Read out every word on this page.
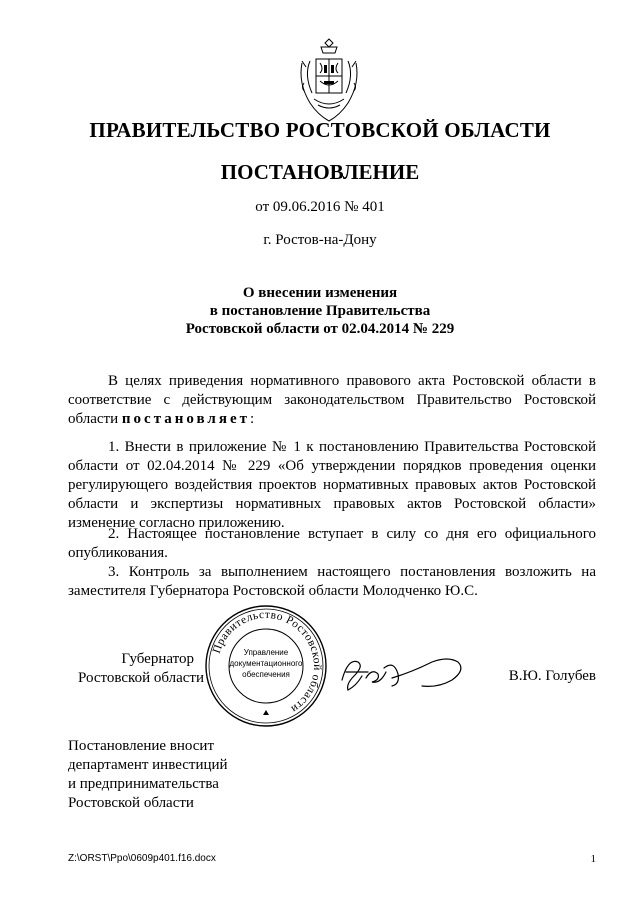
ПРАВИТЕЛЬСТВО РОСТОВСКОЙ ОБЛАСТИ
ПОСТАНОВЛЕНИЕ
от 09.06.2016 № 401
г. Ростов-на-Дону
О внесении изменения
в постановление Правительства
Ростовской области от 02.04.2014 № 229
В целях приведения нормативного правового акта Ростовской области в соответствие с действующим законодательством Правительство Ростовской области постановляет:
1. Внести в приложение № 1 к постановлению Правительства Ростовской области от 02.04.2014 № 229 «Об утверждении порядков проведения оценки регулирующего воздействия проектов нормативных правовых актов Ростовской области и экспертизы нормативных правовых актов Ростовской области» изменение согласно приложению.
2. Настоящее постановление вступает в силу со дня его официального опубликования.
3. Контроль за выполнением настоящего постановления возложить на заместителя Губернатора Ростовской области Молодченко Ю.С.
Губернатор
Ростовской области
Правительство Ростовской области
Управление
документационного
обеспечения	В.Ю. Голубев
Постановление вносит
департамент инвестиций
и предпринимательства
Ростовской области
Z:\ORST\Ppo\0609p401.f16.docx	1
